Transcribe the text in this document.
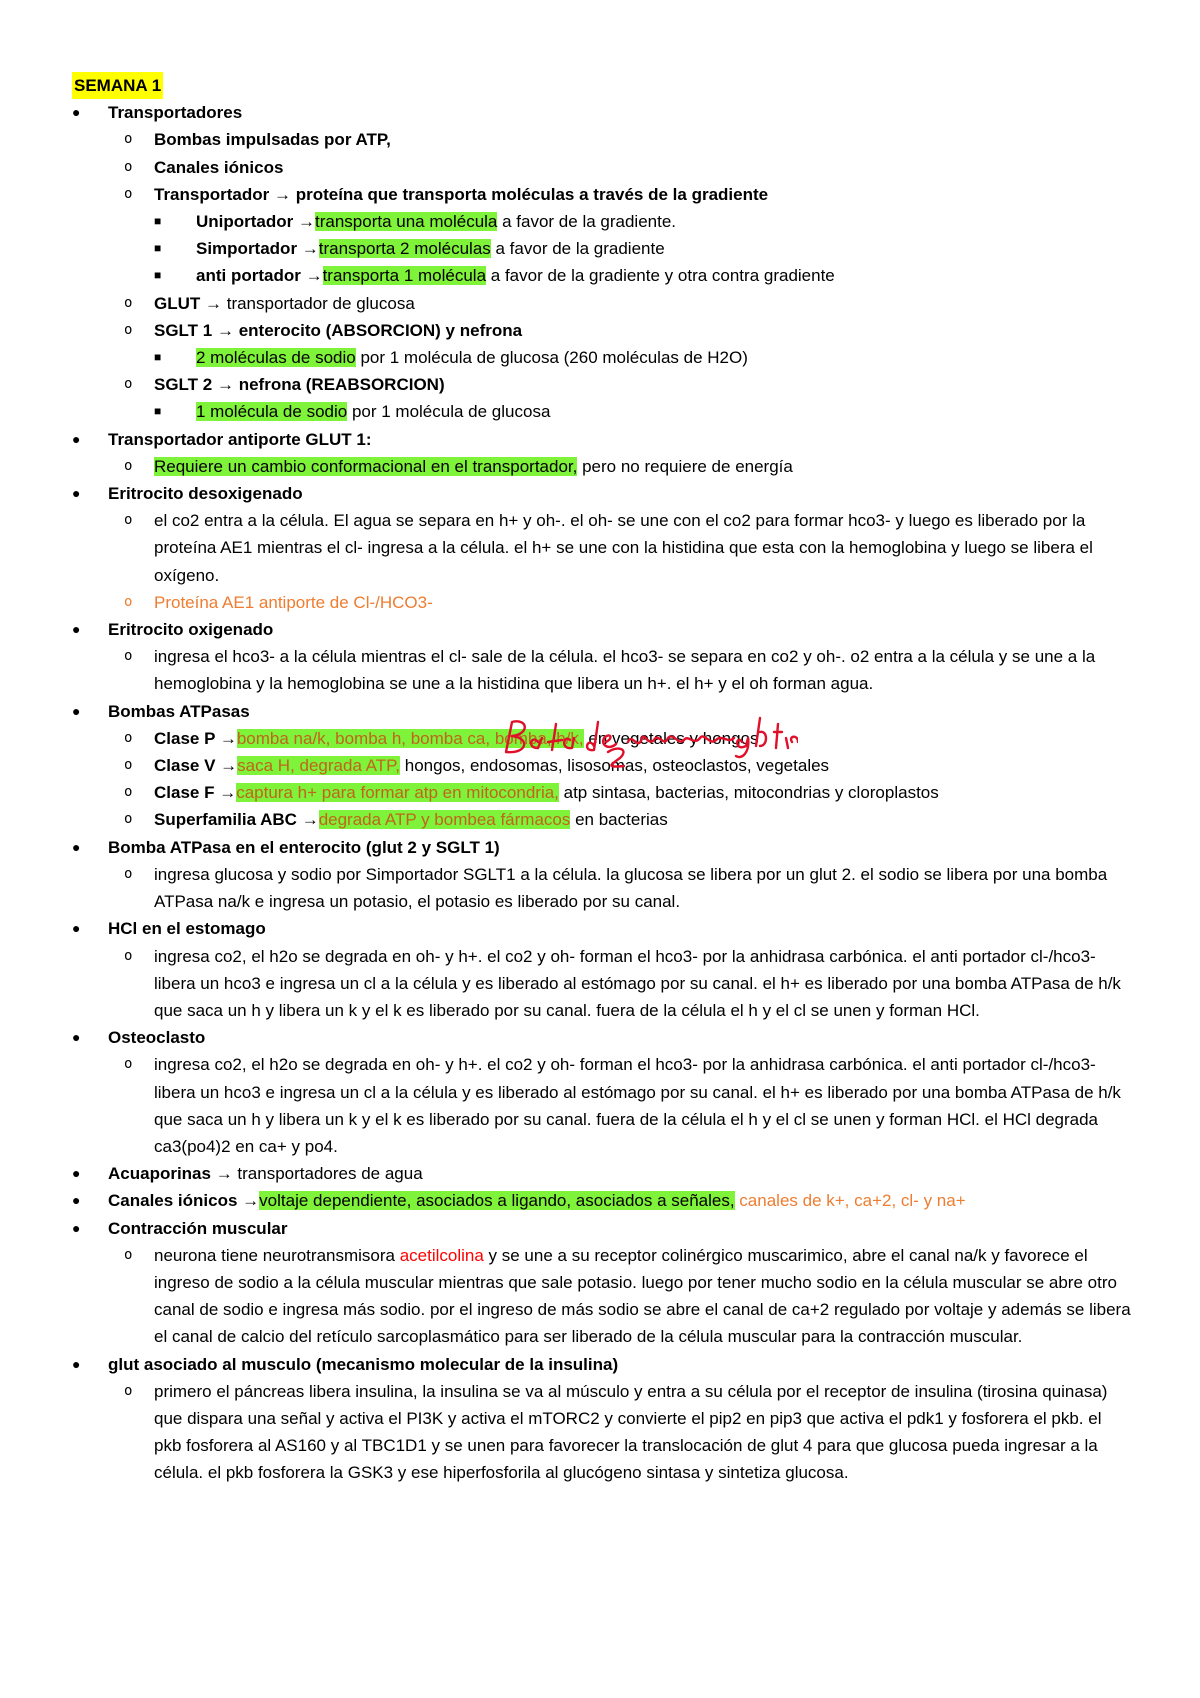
SEMANA 1
●	Transportadores
o Bombas impulsadas por ATP,
o Canales iónicos
o Transportador → proteína que transporta moléculas a través de la gradiente
■ Uniportador →transporta una molécula a favor de la gradiente.
■ Simportador →transporta 2 moléculas a favor de la gradiente
■ anti portador →transporta 1 molécula a favor de la gradiente y otra contra gradiente
o GLUT → transportador de glucosa
o SGLT 1 → enterocito (ABSORCION) y nefrona
■ 2 moléculas de sodio por 1 molécula de glucosa (260 moléculas de H2O)
o SGLT 2 → nefrona (REABSORCION)
■ 1 molécula de sodio por 1 molécula de glucosa
●	Transportador antiporte GLUT 1:
o Requiere un cambio conformacional en el transportador, pero no requiere de energía
●	Eritrocito desoxigenado
o el co2 entra a la célula. El agua se separa en h+ y oh-. el oh- se une con el co2 para formar hco3- y luego es liberado por la proteína AE1 mientras el cl- ingresa a la célula. el h+ se une con la histidina que esta con la hemoglobina y luego se libera el oxígeno.
o Proteína AE1 antiporte de Cl-/HCO3-
●	Eritrocito oxigenado
o ingresa el hco3- a la célula mientras el cl- sale de la célula. el hco3- se separa en co2 y oh-. o2 entra a la célula y se une a la hemoglobina y la hemoglobina se une a la histidina que libera un h+. el h+ y el oh forman agua.
●	Bombas ATPasas
o Clase P →bomba na/k, bomba h, bomba ca, bomba, h/k, en vegetales y hongos
o Clase V →saca H, degrada ATP, hongos, endosomas, lisosomas, osteoclastos, vegetales
o Clase F →captura h+ para formar atp en mitocondria, atp sintasa, bacterias, mitocondrias y cloroplastos
o Superfamilia ABC →degrada ATP y bombea fármacos en bacterias
●	Bomba ATPasa en el enterocito (glut 2 y SGLT 1)
o ingresa glucosa y sodio por Simportador SGLT1 a la célula. la glucosa se libera por un glut 2. el sodio se libera por una bomba ATPasa na/k e ingresa un potasio, el potasio es liberado por su canal.
●	HCl en el estomago
o ingresa co2, el h2o se degrada en oh- y h+. el co2 y oh- forman el hco3- por la anhidrasa carbónica. el anti portador cl-/hco3- libera un hco3 e ingresa un cl a la célula y es liberado al estómago por su canal. el h+ es liberado por una bomba ATPasa de h/k que saca un h y libera un k y el k es liberado por su canal. fuera de la célula el h y el cl se unen y forman HCl.
●	Osteoclasto
o ingresa co2, el h2o se degrada en oh- y h+. el co2 y oh- forman el hco3- por la anhidrasa carbónica. el anti portador cl-/hco3- libera un hco3 e ingresa un cl a la célula y es liberado al estómago por su canal. el h+ es liberado por una bomba ATPasa de h/k que saca un h y libera un k y el k es liberado por su canal. fuera de la célula el h y el cl se unen y forman HCl. el HCl degrada ca3(po4)2 en ca+ y po4.
●	Acuaporinas → transportadores de agua
●	Canales iónicos →voltaje dependiente, asociados a ligando, asociados a señales, canales de k+, ca+2, cl- y na+
●	Contracción muscular
o neurona tiene neurotransmisora acetilcolina y se une a su receptor colinérgico muscarimico, abre el canal na/k y favorece el ingreso de sodio a la célula muscular mientras que sale potasio. luego por tener mucho sodio en la célula muscular se abre otro canal de sodio e ingresa más sodio. por el ingreso de más sodio se abre el canal de ca+2 regulado por voltaje y además se libera el canal de calcio del retículo sarcoplasmático para ser liberado de la célula muscular para la contracción muscular.
●	glut asociado al musculo (mecanismo molecular de la insulina)
o primero el páncreas libera insulina, la insulina se va al músculo y entra a su célula por el receptor de insulina (tirosina quinasa) que dispara una señal y activa el PI3K y activa el mTORC2 y convierte el pip2 en pip3 que activa el pdk1 y fosforera el pkb. el pkb fosforera al AS160 y al TBC1D1 y se unen para favorecer la translocación de glut 4 para que glucosa pueda ingresar a la célula. el pkb fosforera la GSK3 y ese hiperfosforila al glucógeno sintasa y sintetiza glucosa.
